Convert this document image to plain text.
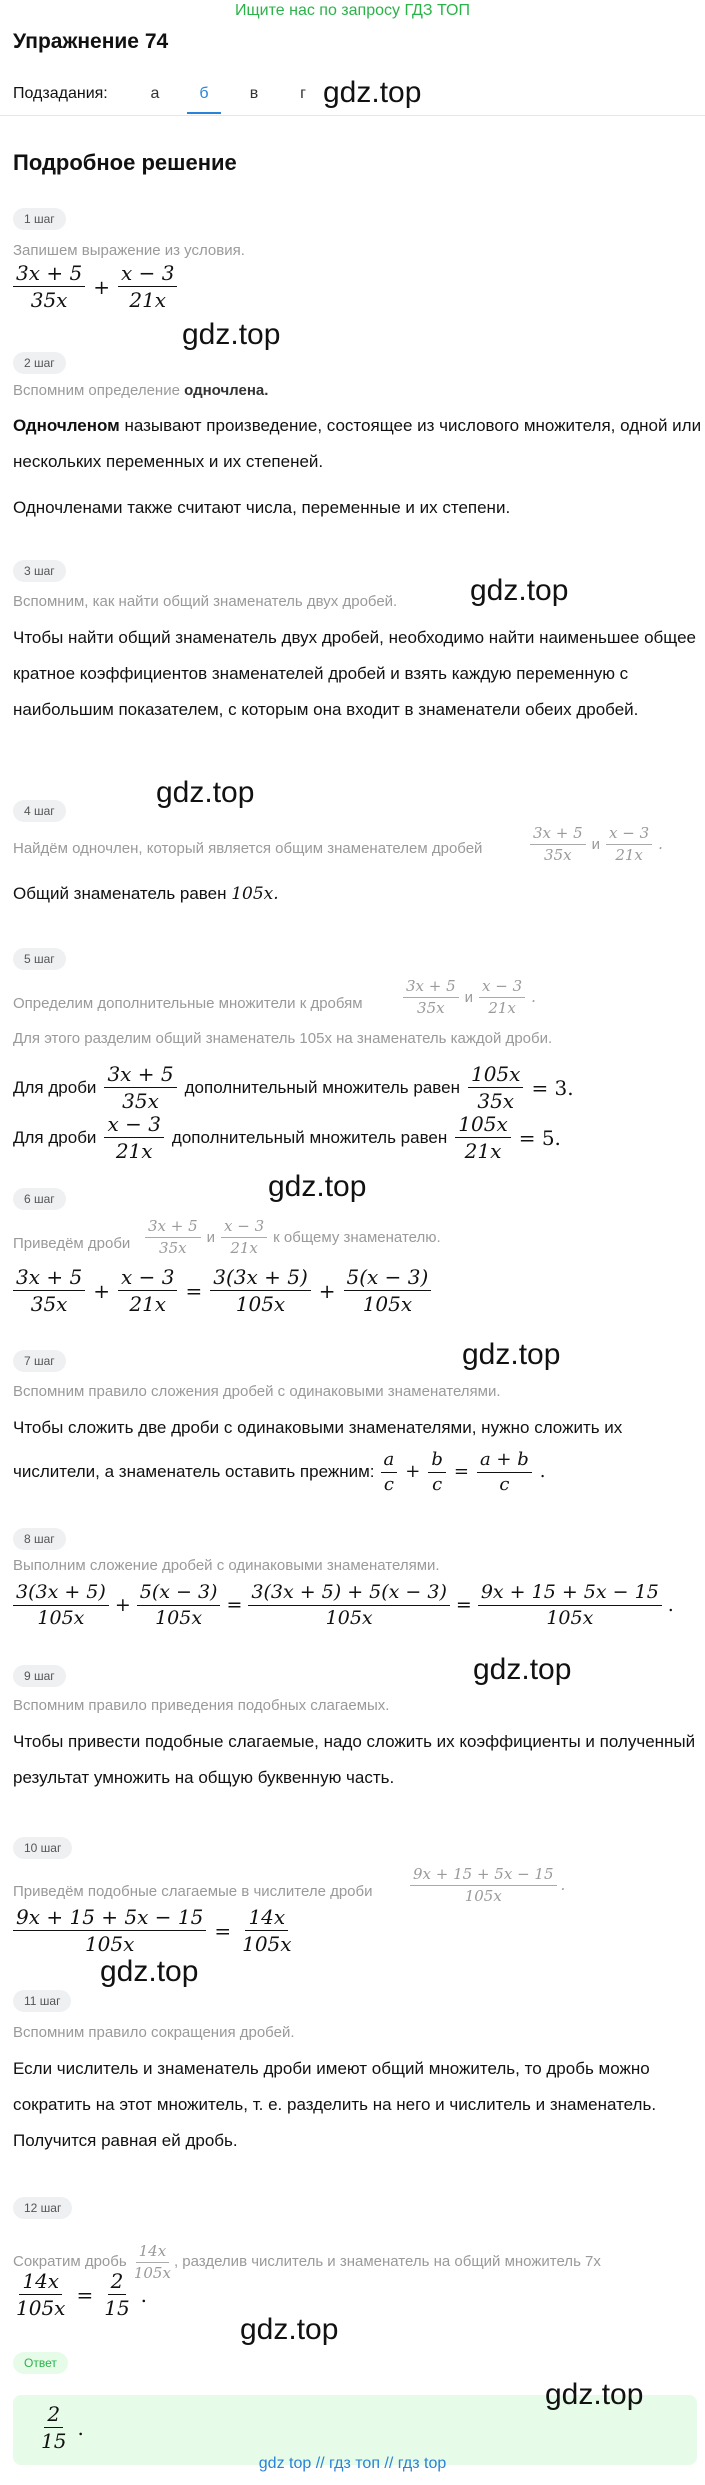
Ищите нас по запросу ГДЗ ТОП
Упражнение 74
Подзадания:	а	б	в	г gdz.top
Подробное решение
1 шаг
Запишем выражение из условия.
$\frac{3x + 5}{35x} + \frac{x - 3}{21x}$
gdz.top
2 шаг
Вспомним определение одночлена.
Одночленом называют произведение, состоящее из числового множителя, одной или нескольких переменных и их степеней.
Одночленами также считают числа, переменные и их степени.
3 шаг
Вспомним, как найти общий знаменатель двух дробей. gdz.top
Чтобы найти общий знаменатель двух дробей, необходимо найти наименьшее общее кратное коэффициентов знаменателей дробей и взять каждую переменную с наибольшим показателем, с которым она входит в знаменатели обеих дробей.
gdz.top
4 шаг
Найдём одночлен, который является общим знаменателем дробей	$\frac{3x + 5}{35x}$ и $\frac{x - 3}{21x}$ .
Общий знаменатель равен 105x.
5 шаг
Определим дополнительные множители к дробям	$\frac{3x + 5}{35x}$ и $\frac{x - 3}{21x}$ .
Для этого разделим общий знаменатель 105x на знаменатель каждой дроби.
Для дроби $\frac{3x + 5}{35x}$ дополнительный множитель равен $\frac{105x}{35x} = 3$.
Для дроби $\frac{x - 3}{21x}$ дополнительный множитель равен $\frac{105x}{21x} = 5$.
gdz.top
6 шаг
Приведём дроби $\frac{3x + 5}{35x}$ и $\frac{x - 3}{21x}$ к общему знаменателю.
$\frac{3x + 5}{35x} + \frac{x - 3}{21x} = \frac{3(3x + 5)}{105x} + \frac{5(x - 3)}{105x}$
gdz.top
7 шаг
Вспомним правило сложения дробей с одинаковыми знаменателями.
Чтобы сложить две дроби с одинаковыми знаменателями, нужно сложить их
числители, а знаменатель оставить прежним: $\frac{a}{c} + \frac{b}{c} = \frac{a + b}{c}$ .
8 шаг
Выполним сложение дробей с одинаковыми знаменателями.
$\frac{3(3x + 5)}{105x} + \frac{5(x - 3)}{105x} = \frac{3(3x + 5) + 5(x - 3)}{105x} = \frac{9x + 15 + 5x - 15}{105x}$ .
gdz.top
9 шаг
Вспомним правило приведения подобных слагаемых.
Чтобы привести подобные слагаемые, надо сложить их коэффициенты и полученный результат умножить на общую буквенную часть.
10 шаг
Приведём подобные слагаемые в числителе дроби	$\frac{9x + 15 + 5x - 15}{105x}$ .
$\frac{9x + 15 + 5x - 15}{105x} = \frac{14x}{105x}$
gdz.top
11 шаг
Вспомним правило сокращения дробей.
Если числитель и знаменатель дроби имеют общий множитель, то дробь можно сократить на этот множитель, т. е. разделить на него и числитель и знаменатель. Получится равная ей дробь.
12 шаг
Сократим дробь $\frac{14x}{105x}$ , разделив числитель и знаменатель на общий множитель 7x
$\frac{14x}{105x} = \frac{2}{15}$ .
gdz.top
Ответ
$\frac{2}{15}$ .
gdz.top
gdz top // гдз топ // гдз top
